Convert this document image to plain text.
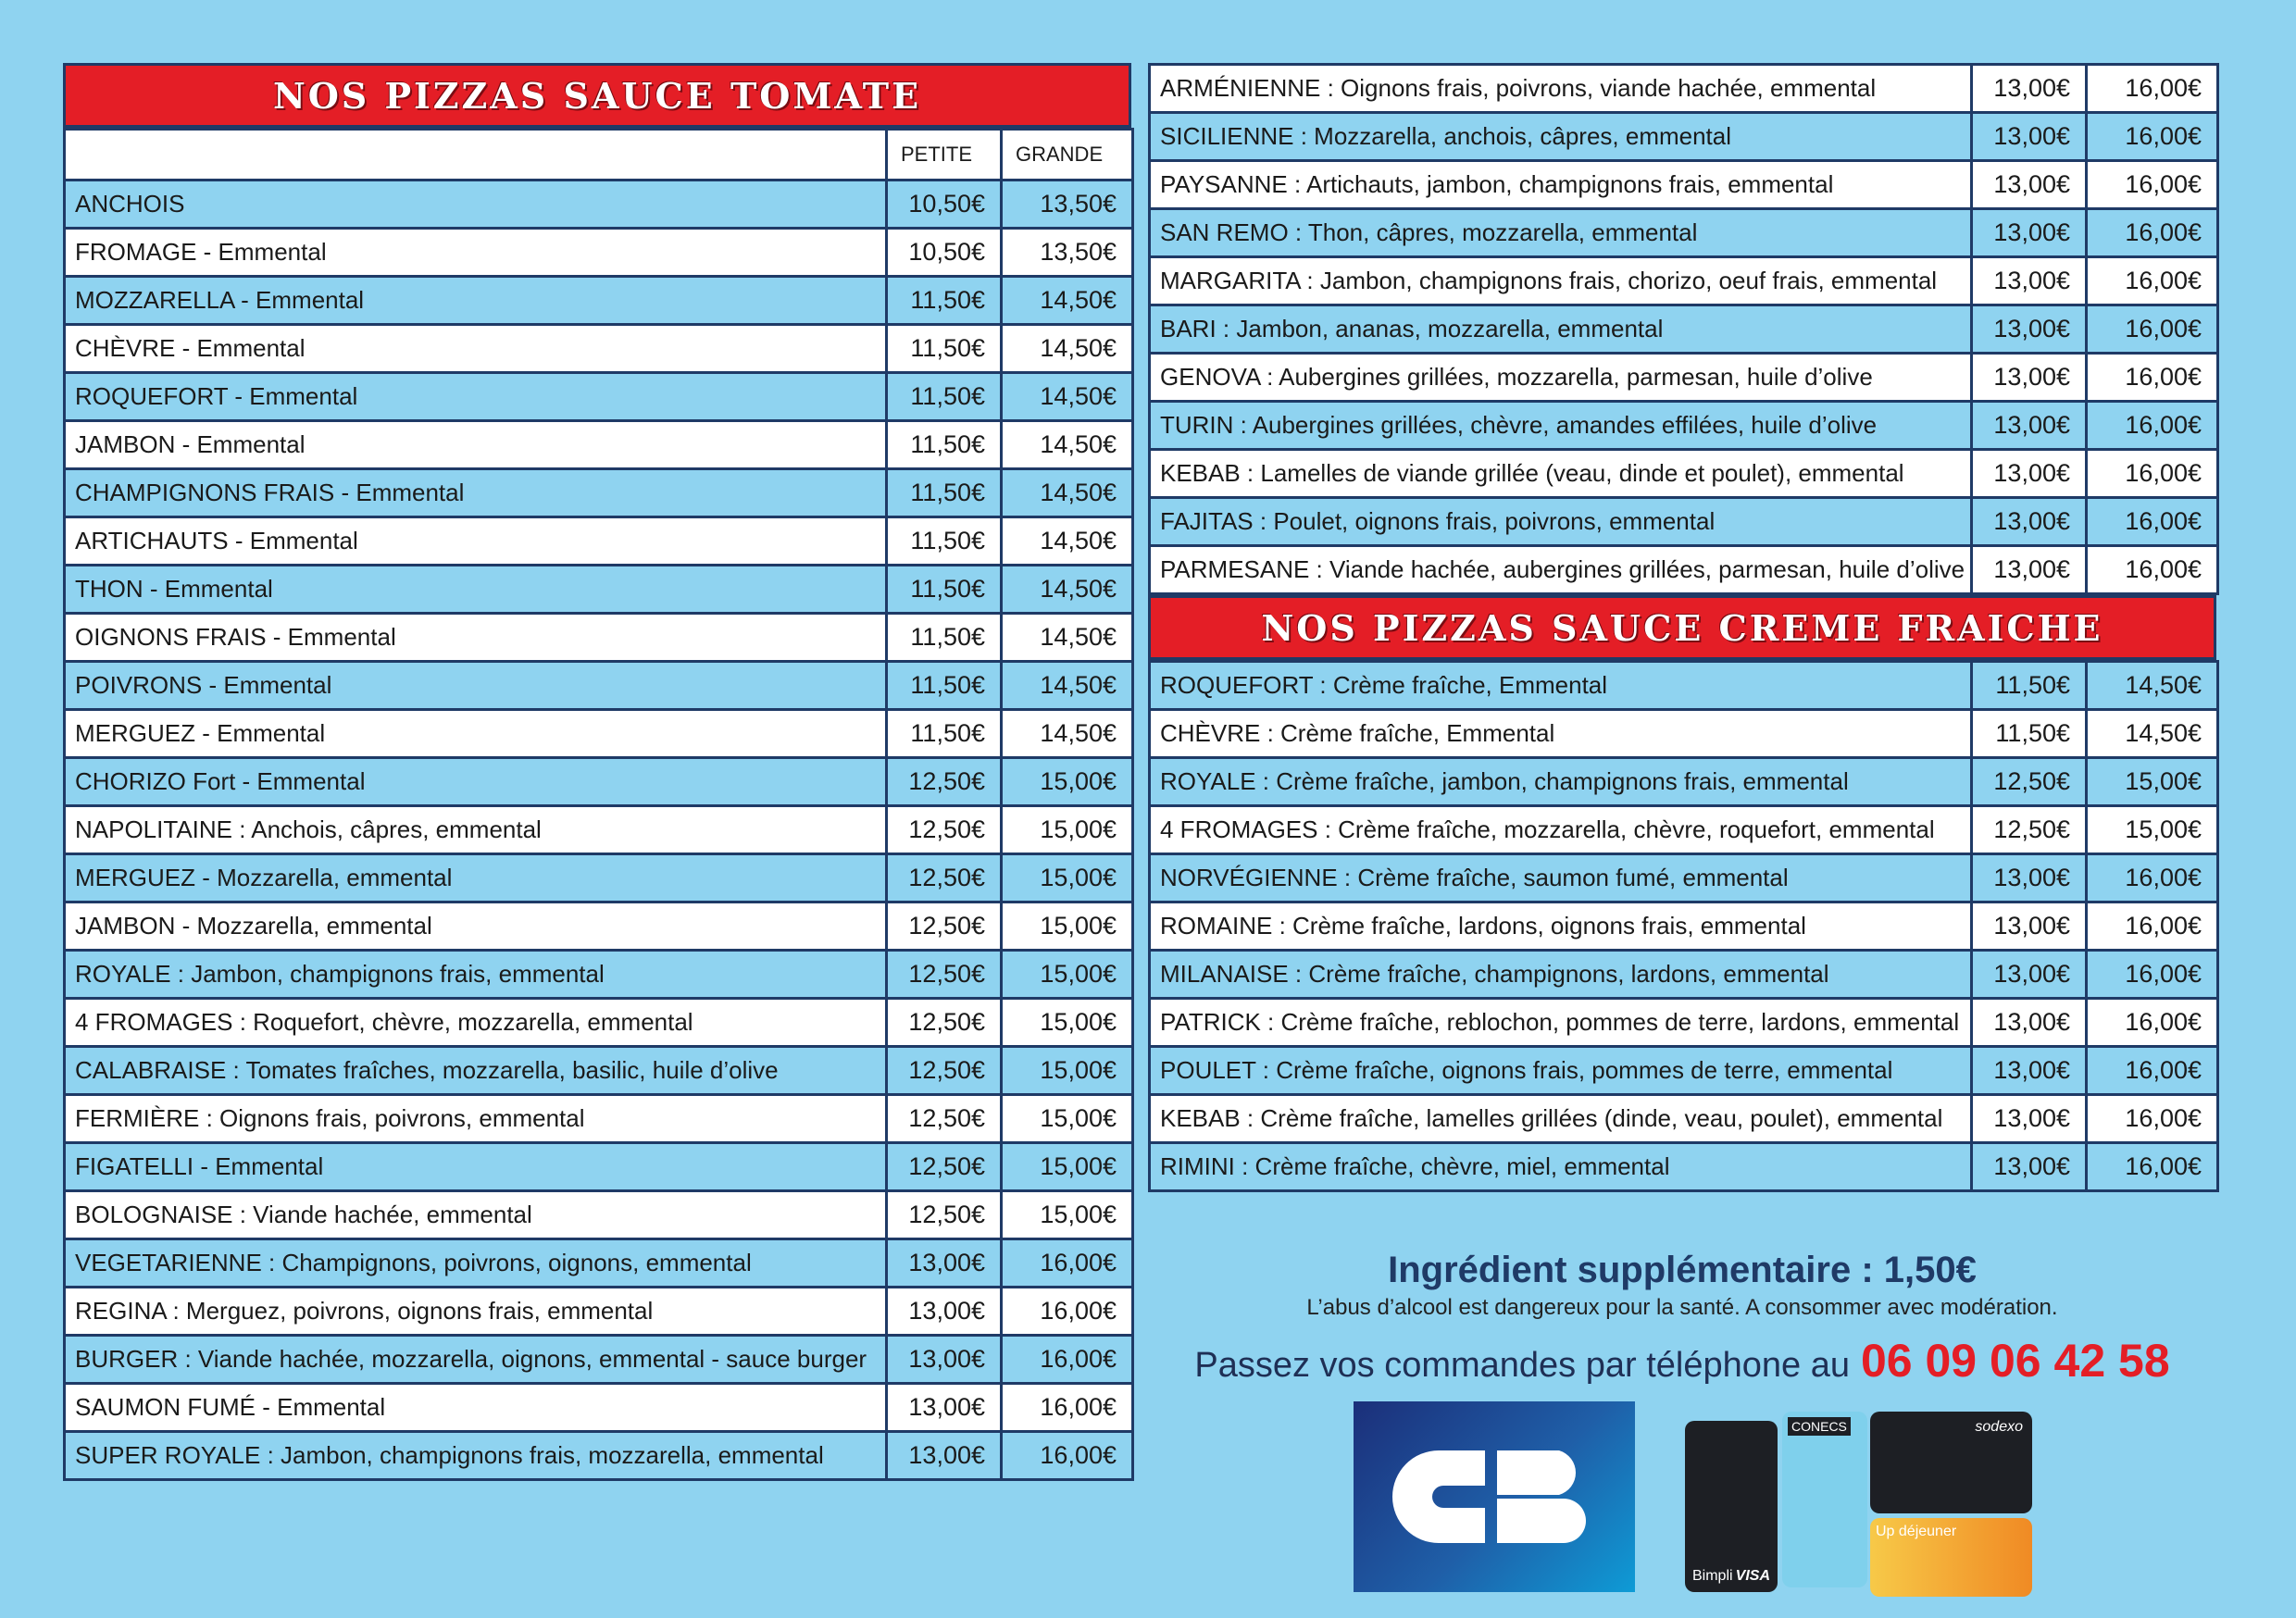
NOS PIZZAS SAUCE TOMATE
	PETITE	GRANDE
ANCHOIS	10,50€	13,50€
FROMAGE - Emmental	10,50€	13,50€
MOZZARELLA - Emmental	11,50€	14,50€
CHÈVRE - Emmental	11,50€	14,50€
ROQUEFORT - Emmental	11,50€	14,50€
JAMBON - Emmental	11,50€	14,50€
CHAMPIGNONS FRAIS - Emmental	11,50€	14,50€
ARTICHAUTS - Emmental	11,50€	14,50€
THON - Emmental	11,50€	14,50€
OIGNONS FRAIS - Emmental	11,50€	14,50€
POIVRONS - Emmental	11,50€	14,50€
MERGUEZ - Emmental	11,50€	14,50€
CHORIZO Fort - Emmental	12,50€	15,00€
NAPOLITAINE : Anchois, câpres, emmental	12,50€	15,00€
MERGUEZ - Mozzarella, emmental	12,50€	15,00€
JAMBON - Mozzarella, emmental	12,50€	15,00€
ROYALE : Jambon, champignons frais, emmental	12,50€	15,00€
4 FROMAGES : Roquefort, chèvre, mozzarella, emmental	12,50€	15,00€
CALABRAISE : Tomates fraîches, mozzarella, basilic, huile d’olive	12,50€	15,00€
FERMIÈRE : Oignons frais, poivrons, emmental	12,50€	15,00€
FIGATELLI - Emmental	12,50€	15,00€
BOLOGNAISE : Viande hachée, emmental	12,50€	15,00€
VEGETARIENNE : Champignons, poivrons, oignons, emmental	13,00€	16,00€
REGINA : Merguez, poivrons, oignons frais, emmental	13,00€	16,00€
BURGER : Viande hachée, mozzarella, oignons, emmental - sauce burger	13,00€	16,00€
SAUMON FUMÉ - Emmental	13,00€	16,00€
SUPER ROYALE : Jambon, champignons frais, mozzarella, emmental	13,00€	16,00€
ARMÉNIENNE : Oignons frais, poivrons, viande hachée, emmental	13,00€	16,00€
SICILIENNE : Mozzarella, anchois, câpres, emmental	13,00€	16,00€
PAYSANNE : Artichauts, jambon, champignons frais, emmental	13,00€	16,00€
SAN REMO : Thon, câpres, mozzarella, emmental	13,00€	16,00€
MARGARITA : Jambon, champignons frais, chorizo, oeuf frais, emmental	13,00€	16,00€
BARI : Jambon, ananas, mozzarella, emmental	13,00€	16,00€
GENOVA : Aubergines grillées, mozzarella, parmesan, huile d’olive	13,00€	16,00€
TURIN : Aubergines grillées, chèvre, amandes effilées, huile d’olive	13,00€	16,00€
KEBAB : Lamelles de viande grillée (veau, dinde et poulet), emmental	13,00€	16,00€
FAJITAS : Poulet, oignons frais, poivrons, emmental	13,00€	16,00€
PARMESANE : Viande hachée, aubergines grillées, parmesan, huile d’olive	13,00€	16,00€
NOS PIZZAS SAUCE CREME FRAICHE
ROQUEFORT : Crème fraîche, Emmental	11,50€	14,50€
CHÈVRE : Crème fraîche, Emmental	11,50€	14,50€
ROYALE : Crème fraîche, jambon, champignons frais, emmental	12,50€	15,00€
4 FROMAGES : Crème fraîche, mozzarella, chèvre, roquefort, emmental	12,50€	15,00€
NORVÉGIENNE : Crème fraîche, saumon fumé, emmental	13,00€	16,00€
ROMAINE : Crème fraîche, lardons, oignons frais, emmental	13,00€	16,00€
MILANAISE : Crème fraîche, champignons, lardons, emmental	13,00€	16,00€
PATRICK : Crème fraîche, reblochon, pommes de terre, lardons, emmental	13,00€	16,00€
POULET : Crème fraîche, oignons frais, pommes de terre, emmental	13,00€	16,00€
KEBAB : Crème fraîche, lamelles grillées (dinde, veau, poulet), emmental	13,00€	16,00€
RIMINI : Crème fraîche, chèvre, miel, emmental	13,00€	16,00€
Ingrédient supplémentaire : 1,50€
L’abus d’alcool est dangereux pour la santé. A consommer avec modération.
Passez vos commandes par téléphone au 06 09 06 42 58
Bimpli VISA
CONECS	sodexo
Up déjeuner
